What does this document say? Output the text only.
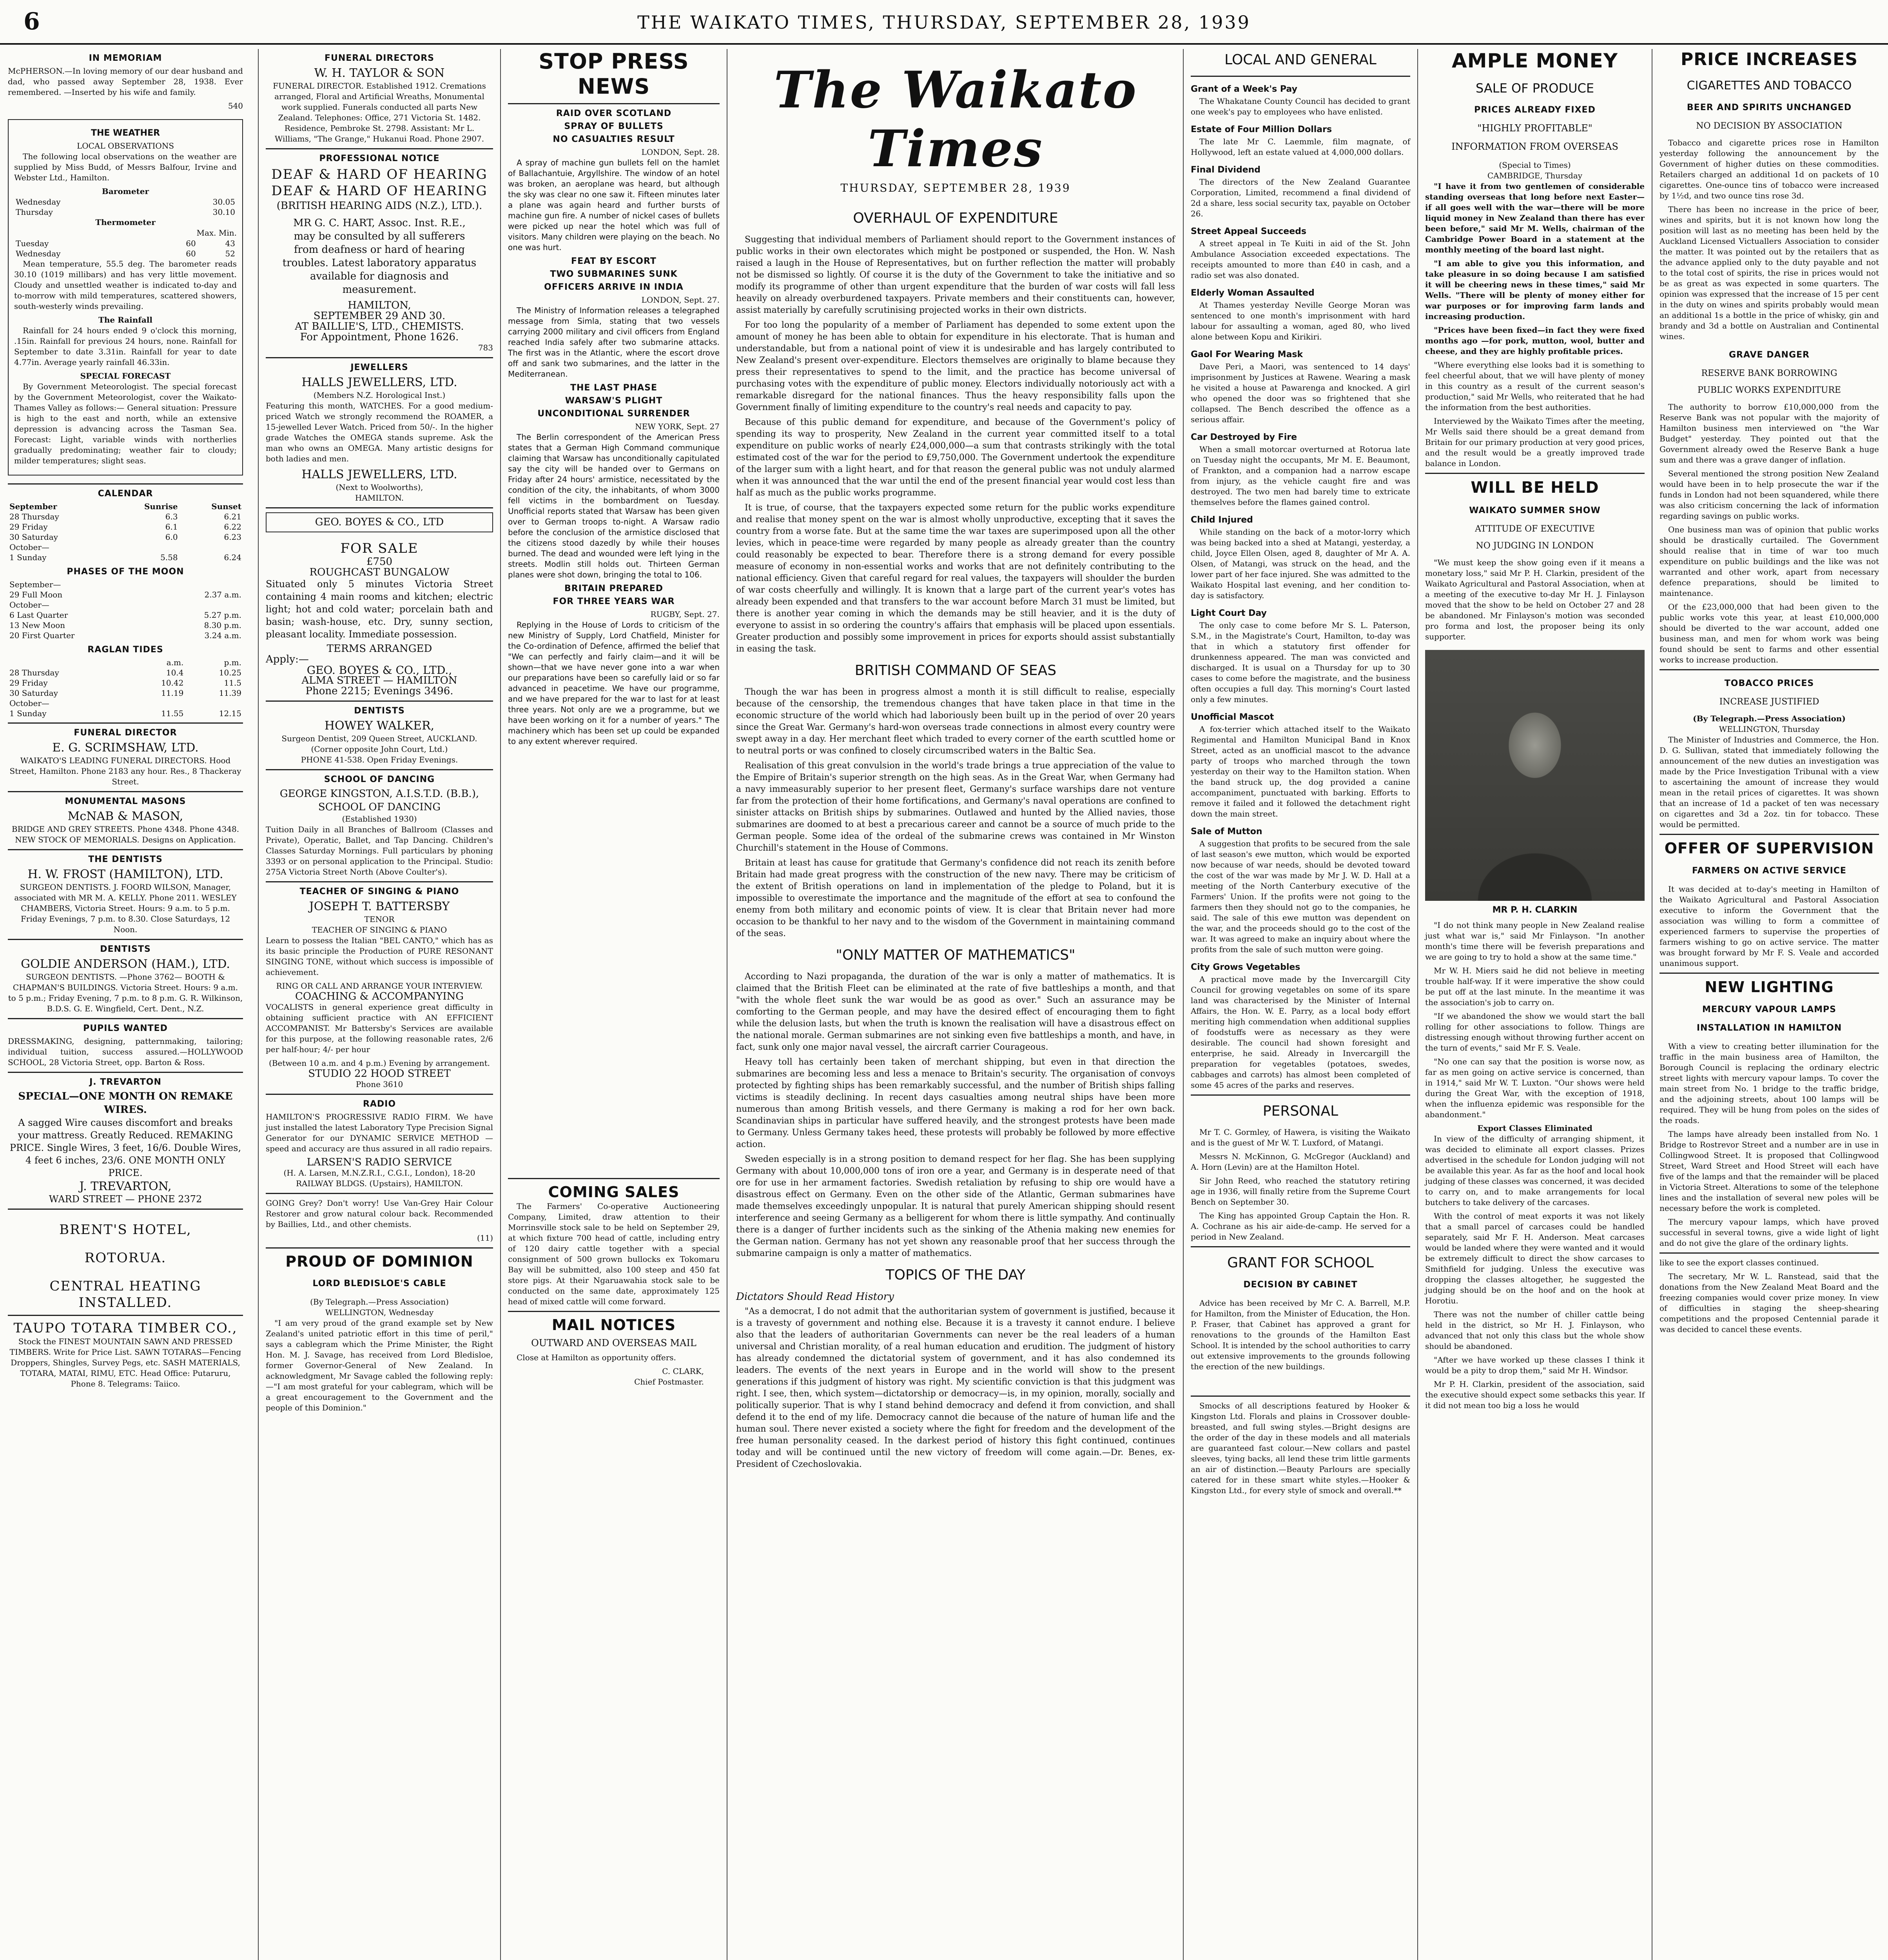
6	THE WAIKATO TIMES, THURSDAY, SEPTEMBER 28, 1939
IN MEMORIAM
McPHERSON.—In loving memory of our dear husband and dad, who passed away September 28, 1938. Ever remembered. —Inserted by his wife and family.
540
THE WEATHER
LOCAL OBSERVATIONS
The following local observations on the weather are supplied by Miss Budd, of Messrs Balfour, Irvine and Webster Ltd., Hamilton.
Barometer
Wednesday	30.05
Thursday	30.10
Thermometer
Max. Min.
Tuesday	60	43
Wednesday	60	52
Mean temperature, 55.5 deg. The barometer reads 30.10 (1019 millibars) and has very little movement. Cloudy and unsettled weather is indicated to-day and to-morrow with mild temperatures, scattered showers, south-westerly winds prevailing.
The Rainfall
Rainfall for 24 hours ended 9 o'clock this morning, .15in. Rainfall for previous 24 hours, none. Rainfall for September to date 3.31in. Rainfall for year to date 4.77in. Average yearly rainfall 46.33in.
SPECIAL FORECAST
By Government Meteorologist. The special forecast by the Government Meteorologist, cover the Waikato-Thames Valley as follows:— General situation: Pressure is high to the east and north, while an extensive depression is advancing across the Tasman Sea. Forecast: Light, variable winds with northerlies gradually predominating; weather fair to cloudy; milder temperatures; slight seas.
CALENDAR
September	Sunrise	Sunset
28 Thursday	6.3	6.21
29 Friday	6.1	6.22
30 Saturday	6.0	6.23
October—		
1 Sunday	5.58	6.24
PHASES OF THE MOON
September—	
29 Full Moon	2.37 a.m.
October—	
6 Last Quarter	5.27 p.m.
13 New Moon	8.30 p.m.
20 First Quarter	3.24 a.m.
RAGLAN TIDES
	a.m.	p.m.
28 Thursday	10.4	10.25
29 Friday	10.42	11.5
30 Saturday	11.19	11.39
October—		
1 Sunday	11.55	12.15
FUNERAL DIRECTOR
E. G. SCRIMSHAW, LTD.
WAIKATO'S LEADING FUNERAL DIRECTORS. Hood Street, Hamilton. Phone 2183 any hour. Res., 8 Thackeray Street.
MONUMENTAL MASONS
McNAB & MASON,
BRIDGE AND GREY STREETS. Phone 4348. Phone 4348. NEW STOCK OF MEMORIALS. Designs on Application.
THE DENTISTS
H. W. FROST (HAMILTON), LTD.
SURGEON DENTISTS. J. FOORD WILSON, Manager, associated with MR M. A. KELLY. Phone 2011. WESLEY CHAMBERS, Victoria Street. Hours: 9 a.m. to 5 p.m. Friday Evenings, 7 p.m. to 8.30. Close Saturdays, 12 Noon.
DENTISTS
GOLDIE ANDERSON (HAM.), LTD.
SURGEON DENTISTS. —Phone 3762— BOOTH & CHAPMAN'S BUILDINGS. Victoria Street. Hours: 9 a.m. to 5 p.m.; Friday Evening, 7 p.m. to 8 p.m. G. R. Wilkinson, B.D.S. G. E. Wingfield, Cert. Dent., N.Z.
PUPILS WANTED
DRESSMAKING, designing, patternmaking, tailoring; individual tuition, success assured.—HOLLYWOOD SCHOOL, 28 Victoria Street, opp. Barton & Ross.
J. TREVARTON
SPECIAL—ONE MONTH ON REMAKE WIRES.
A sagged Wire causes discomfort and breaks your mattress. Greatly Reduced. REMAKING PRICE. Single Wires, 3 feet, 16/6. Double Wires, 4 feet 6 inches, 23/6. ONE MONTH ONLY PRICE.
J. TREVARTON,
WARD STREET — PHONE 2372
BRENT'S HOTEL,
ROTORUA.
CENTRAL HEATING INSTALLED.
TAUPO TOTARA TIMBER CO.,
Stock the FINEST MOUNTAIN SAWN AND PRESSED TIMBERS. Write for Price List. SAWN TOTARAS—Fencing Droppers, Shingles, Survey Pegs, etc. SASH MATERIALS, TOTARA, MATAI, RIMU, ETC. Head Office: Putaruru, Phone 8. Telegrams: Taiico.
FUNERAL DIRECTORS
W. H. TAYLOR & SON
FUNERAL DIRECTOR. Established 1912. Cremations arranged, Floral and Artificial Wreaths, Monumental work supplied. Funerals conducted all parts New Zealand. Telephones: Office, 271 Victoria St. 1482. Residence, Pembroke St. 2798. Assistant: Mr L. Williams, "The Grange," Hukanui Road. Phone 2907.
PROFESSIONAL NOTICE
DEAF & HARD OF HEARING
DEAF & HARD OF HEARING
(BRITISH HEARING AIDS (N.Z.), LTD.).
MR G. C. HART, Assoc. Inst. R.E., may be consulted by all sufferers from deafness or hard of hearing troubles. Latest laboratory apparatus available for diagnosis and measurement.
HAMILTON,
SEPTEMBER 29 AND 30.
AT BAILLIE'S, LTD., CHEMISTS.
For Appointment, Phone 1626.
783
JEWELLERS
HALLS JEWELLERS, LTD.
(Members N.Z. Horological Inst.)
Featuring this month, WATCHES. For a good medium-priced Watch we strongly recommend the ROAMER, a 15-jewelled Lever Watch. Priced from 50/-. In the higher grade Watches the OMEGA stands supreme. Ask the man who owns an OMEGA. Many artistic designs for both ladies and men.
HALLS JEWELLERS, LTD.
(Next to Woolworths),
HAMILTON.
GEO. BOYES & CO., LTD
FOR SALE
£750
ROUGHCAST BUNGALOW
Situated only 5 minutes Victoria Street containing 4 main rooms and kitchen; electric light; hot and cold water; porcelain bath and basin; wash-house, etc. Dry, sunny section, pleasant locality. Immediate possession.
TERMS ARRANGED
Apply:—
GEO. BOYES & CO., LTD.,
ALMA STREET — HAMILTON
Phone 2215; Evenings 3496.
DENTISTS
HOWEY WALKER,
Surgeon Dentist, 209 Queen Street, AUCKLAND. (Corner opposite John Court, Ltd.)
PHONE 41-538. Open Friday Evenings.
SCHOOL OF DANCING
GEORGE KINGSTON, A.I.S.T.D. (B.B.), SCHOOL OF DANCING
(Established 1930)
Tuition Daily in all Branches of Ballroom (Classes and Private), Operatic, Ballet, and Tap Dancing. Children's Classes Saturday Mornings. Full particulars by phoning 3393 or on personal application to the Principal. Studio: 275A Victoria Street North (Above Coulter's).
TEACHER OF SINGING & PIANO
JOSEPH T. BATTERSBY
TENOR
TEACHER OF SINGING & PIANO
Learn to possess the Italian "BEL CANTO," which has as its basic principle the Production of PURE RESONANT SINGING TONE, without which success is impossible of achievement.
RING OR CALL AND ARRANGE YOUR INTERVIEW.
COACHING & ACCOMPANYING
VOCALISTS in general experience great difficulty in obtaining sufficient practice with AN EFFICIENT ACCOMPANIST. Mr Battersby's Services are available for this purpose, at the following reasonable rates, 2/6 per half-hour; 4/- per hour
(Between 10 a.m. and 4 p.m.) Evening by arrangement.
STUDIO 22 HOOD STREET
Phone 3610
RADIO
HAMILTON'S PROGRESSIVE RADIO FIRM. We have just installed the latest Laboratory Type Precision Signal Generator for our DYNAMIC SERVICE METHOD —speed and accuracy are thus assured in all radio repairs.
LARSEN'S RADIO SERVICE
(H. A. Larsen, M.N.Z.R.I., C.G.I., London), 18-20 RAILWAY BLDGS. (Upstairs), HAMILTON.
GOING Grey? Don't worry! Use Van-Grey Hair Colour Restorer and grow natural colour back. Recommended by Baillies, Ltd., and other chemists.
(11)
PROUD OF DOMINION
LORD BLEDISLOE'S CABLE
(By Telegraph.—Press Association)
WELLINGTON, Wednesday
"I am very proud of the grand example set by New Zealand's united patriotic effort in this time of peril," says a cablegram which the Prime Minister, the Right Hon. M. J. Savage, has received from Lord Bledisloe, former Governor-General of New Zealand. In acknowledgment, Mr Savage cabled the following reply:—"I am most grateful for your cablegram, which will be a great encouragement to the Government and the people of this Dominion."
STOP PRESS NEWS
RAID OVER SCOTLAND
SPRAY OF BULLETS
NO CASUALTIES RESULT
LONDON, Sept. 28.
A spray of machine gun bullets fell on the hamlet of Ballachantuie, Argyllshire. The window of an hotel was broken, an aeroplane was heard, but although the sky was clear no one saw it. Fifteen minutes later a plane was again heard and further bursts of machine gun fire. A number of nickel cases of bullets were picked up near the hotel which was full of visitors. Many children were playing on the beach. No one was hurt.
FEAT BY ESCORT
TWO SUBMARINES SUNK
OFFICERS ARRIVE IN INDIA
LONDON, Sept. 27.
The Ministry of Information releases a telegraphed message from Simla, stating that two vessels carrying 2000 military and civil officers from England reached India safely after two submarine attacks. The first was in the Atlantic, where the escort drove off and sank two submarines, and the latter in the Mediterranean.
THE LAST PHASE
WARSAW'S PLIGHT
UNCONDITIONAL SURRENDER
NEW YORK, Sept. 27
The Berlin correspondent of the American Press states that a German High Command communique claiming that Warsaw has unconditionally capitulated say the city will be handed over to Germans on Friday after 24 hours' armistice, necessitated by the condition of the city, the inhabitants, of whom 3000 fell victims in the bombardment on Tuesday. Unofficial reports stated that Warsaw has been given over to German troops to-night. A Warsaw radio before the conclusion of the armistice disclosed that the citizens stood dazedly by while their houses burned. The dead and wounded were left lying in the streets. Modlin still holds out. Thirteen German planes were shot down, bringing the total to 106.
BRITAIN PREPARED
FOR THREE YEARS WAR
RUGBY, Sept. 27.
Replying in the House of Lords to criticism of the new Ministry of Supply, Lord Chatfield, Minister for the Co-ordination of Defence, affirmed the belief that "We can perfectly and fairly claim—and it will be shown—that we have never gone into a war when our preparations have been so carefully laid or so far advanced in peacetime. We have our programme, and we have prepared for the war to last for at least three years. Not only are we a programme, but we have been working on it for a number of years." The machinery which has been set up could be expanded to any extent wherever required.
COMING SALES
The Farmers' Co-operative Auctioneering Company, Limited, draw attention to their Morrinsville stock sale to be held on September 29, at which fixture 700 head of cattle, including entry of 120 dairy cattle together with a special consignment of 500 grown bullocks ex Tokomaru Bay will be submitted, also 100 steep and 450 fat store pigs. At their Ngaruawahia stock sale to be conducted on the same date, approximately 125 head of mixed cattle will come forward.
MAIL NOTICES
OUTWARD AND OVERSEAS MAIL
Close at Hamilton as opportunity offers.
C. CLARK,
Chief Postmaster.
The Waikato Times
THURSDAY, SEPTEMBER 28, 1939
OVERHAUL OF EXPENDITURE
Suggesting that individual members of Parliament should report to the Government instances of public works in their own electorates which might be postponed or suspended, the Hon. W. Nash raised a laugh in the House of Representatives, but on further reflection the matter will probably not be dismissed so lightly. Of course it is the duty of the Government to take the initiative and so modify its programme of other than urgent expenditure that the burden of war costs will fall less heavily on already overburdened taxpayers. Private members and their constituents can, however, assist materially by carefully scrutinising projected works in their own districts.
For too long the popularity of a member of Parliament has depended to some extent upon the amount of money he has been able to obtain for expenditure in his electorate. That is human and understandable, but from a national point of view it is undesirable and has largely contributed to New Zealand's present over-expenditure. Electors themselves are originally to blame because they press their representatives to spend to the limit, and the practice has become universal of purchasing votes with the expenditure of public money. Electors individually notoriously act with a remarkable disregard for the national finances. Thus the heavy responsibility falls upon the Government finally of limiting expenditure to the country's real needs and capacity to pay.
Because of this public demand for expenditure, and because of the Government's policy of spending its way to prosperity, New Zealand in the current year committed itself to a total expenditure on public works of nearly £24,000,000—a sum that contrasts strikingly with the total estimated cost of the war for the period to £9,750,000. The Government undertook the expenditure of the larger sum with a light heart, and for that reason the general public was not unduly alarmed when it was announced that the war until the end of the present financial year would cost less than half as much as the public works programme.
It is true, of course, that the taxpayers expected some return for the public works expenditure and realise that money spent on the war is almost wholly unproductive, excepting that it saves the country from a worse fate. But at the same time the war taxes are superimposed upon all the other levies, which in peace-time were regarded by many people as already greater than the country could reasonably be expected to bear. Therefore there is a strong demand for every possible measure of economy in non-essential works and works that are not definitely contributing to the national efficiency. Given that careful regard for real values, the taxpayers will shoulder the burden of war costs cheerfully and willingly. It is known that a large part of the current year's votes has already been expended and that transfers to the war account before March 31 must be limited, but there is another year coming in which the demands may be still heavier, and it is the duty of everyone to assist in so ordering the country's affairs that emphasis will be placed upon essentials. Greater production and possibly some improvement in prices for exports should assist substantially in easing the task.
BRITISH COMMAND OF SEAS
Though the war has been in progress almost a month it is still difficult to realise, especially because of the censorship, the tremendous changes that have taken place in that time in the economic structure of the world which had laboriously been built up in the period of over 20 years since the Great War. Germany's hard-won overseas trade connections in almost every country were swept away in a day. Her merchant fleet which traded to every corner of the earth scuttled home or to neutral ports or was confined to closely circumscribed waters in the Baltic Sea.
Realisation of this great convulsion in the world's trade brings a true appreciation of the value to the Empire of Britain's superior strength on the high seas. As in the Great War, when Germany had a navy immeasurably superior to her present fleet, Germany's surface warships dare not venture far from the protection of their home fortifications, and Germany's naval operations are confined to sinister attacks on British ships by submarines. Outlawed and hunted by the Allied navies, those submarines are doomed to at best a precarious career and cannot be a source of much pride to the German people. Some idea of the ordeal of the submarine crews was contained in Mr Winston Churchill's statement in the House of Commons.
Britain at least has cause for gratitude that Germany's confidence did not reach its zenith before Britain had made great progress with the construction of the new navy. There may be criticism of the extent of British operations on land in implementation of the pledge to Poland, but it is impossible to overestimate the importance and the magnitude of the effort at sea to confound the enemy from both military and economic points of view. It is clear that Britain never had more occasion to be thankful to her navy and to the wisdom of the Government in maintaining command of the seas.
"ONLY MATTER OF MATHEMATICS"
According to Nazi propaganda, the duration of the war is only a matter of mathematics. It is claimed that the British Fleet can be eliminated at the rate of five battleships a month, and that "with the whole fleet sunk the war would be as good as over." Such an assurance may be comforting to the German people, and may have the desired effect of encouraging them to fight while the delusion lasts, but when the truth is known the realisation will have a disastrous effect on the national morale. German submarines are not sinking even five battleships a month, and have, in fact, sunk only one major naval vessel, the aircraft carrier Courageous.
Heavy toll has certainly been taken of merchant shipping, but even in that direction the submarines are becoming less and less a menace to Britain's security. The organisation of convoys protected by fighting ships has been remarkably successful, and the number of British ships falling victims is steadily declining. In recent days casualties among neutral ships have been more numerous than among British vessels, and there Germany is making a rod for her own back. Scandinavian ships in particular have suffered heavily, and the strongest protests have been made to Germany. Unless Germany takes heed, these protests will probably be followed by more effective action.
Sweden especially is in a strong position to demand respect for her flag. She has been supplying Germany with about 10,000,000 tons of iron ore a year, and Germany is in desperate need of that ore for use in her armament factories. Swedish retaliation by refusing to ship ore would have a disastrous effect on Germany. Even on the other side of the Atlantic, German submarines have made themselves exceedingly unpopular. It is natural that purely American shipping should resent interference and seeing Germany as a belligerent for whom there is little sympathy. And continually there is a danger of further incidents such as the sinking of the Athenia making new enemies for the German nation. Germany has not yet shown any reasonable proof that her success through the submarine campaign is only a matter of mathematics.
TOPICS OF THE DAY
Dictators Should Read History
"As a democrat, I do not admit that the authoritarian system of government is justified, because it is a travesty of government and nothing else. Because it is a travesty it cannot endure. I believe also that the leaders of authoritarian Governments can never be the real leaders of a human universal and Christian morality, of a real human education and erudition. The judgment of history has already condemned the dictatorial system of government, and it has also condemned its leaders. The events of the next years in Europe and in the world will show to the present generations if this judgment of history was right. My scientific conviction is that this judgment was right. I see, then, which system—dictatorship or democracy—is, in my opinion, morally, socially and politically superior. That is why I stand behind democracy and defend it from conviction, and shall defend it to the end of my life. Democracy cannot die because of the nature of human life and the human soul. There never existed a society where the fight for freedom and the development of the free human personality ceased. In the darkest period of history this fight continued, continues today and will be continued until the new victory of freedom will come again.—Dr. Benes, ex-President of Czechoslovakia.
LOCAL AND GENERAL
Grant of a Week's Pay
The Whakatane County Council has decided to grant one week's pay to employees who have enlisted.
Estate of Four Million Dollars
The late Mr C. Laemmle, film magnate, of Hollywood, left an estate valued at 4,000,000 dollars.
Final Dividend
The directors of the New Zealand Guarantee Corporation, Limited, recommend a final dividend of 2d a share, less social security tax, payable on October 26.
Street Appeal Succeeds
A street appeal in Te Kuiti in aid of the St. John Ambulance Association exceeded expectations. The receipts amounted to more than £40 in cash, and a radio set was also donated.
Elderly Woman Assaulted
At Thames yesterday Neville George Moran was sentenced to one month's imprisonment with hard labour for assaulting a woman, aged 80, who lived alone between Kopu and Kirikiri.
Gaol For Wearing Mask
Dave Peri, a Maori, was sentenced to 14 days' imprisonment by Justices at Rawene. Wearing a mask he visited a house at Pawarenga and knocked. A girl who opened the door was so frightened that she collapsed. The Bench described the offence as a serious affair.
Car Destroyed by Fire
When a small motorcar overturned at Rotorua late on Tuesday night the occupants, Mr M. E. Beaumont, of Frankton, and a companion had a narrow escape from injury, as the vehicle caught fire and was destroyed. The two men had barely time to extricate themselves before the flames gained control.
Child Injured
While standing on the back of a motor-lorry which was being backed into a shed at Matangi, yesterday, a child, Joyce Ellen Olsen, aged 8, daughter of Mr A. A. Olsen, of Matangi, was struck on the head, and the lower part of her face injured. She was admitted to the Waikato Hospital last evening, and her condition to-day is satisfactory.
Light Court Day
The only case to come before Mr S. L. Paterson, S.M., in the Magistrate's Court, Hamilton, to-day was that in which a statutory first offender for drunkenness appeared. The man was convicted and discharged. It is usual on a Thursday for up to 30 cases to come before the magistrate, and the business often occupies a full day. This morning's Court lasted only a few minutes.
Unofficial Mascot
A fox-terrier which attached itself to the Waikato Regimental and Hamilton Municipal Band in Knox Street, acted as an unofficial mascot to the advance party of troops who marched through the town yesterday on their way to the Hamilton station. When the band struck up, the dog provided a canine accompaniment, punctuated with barking. Efforts to remove it failed and it followed the detachment right down the main street.
Sale of Mutton
A suggestion that profits to be secured from the sale of last season's ewe mutton, which would be exported now because of war needs, should be devoted toward the cost of the war was made by Mr J. W. D. Hall at a meeting of the North Canterbury executive of the Farmers' Union. If the profits were not going to the farmers then they should not go to the companies, he said. The sale of this ewe mutton was dependent on the war, and the proceeds should go to the cost of the war. It was agreed to make an inquiry about where the profits from the sale of such mutton were going.
City Grows Vegetables
A practical move made by the Invercargill City Council for growing vegetables on some of its spare land was characterised by the Minister of Internal Affairs, the Hon. W. E. Parry, as a local body effort meriting high commendation when additional supplies of foodstuffs were as necessary as they were desirable. The council had shown foresight and enterprise, he said. Already in Invercargill the preparation for vegetables (potatoes, swedes, cabbages and carrots) has almost been completed of some 45 acres of the parks and reserves.
PERSONAL
Mr T. C. Gormley, of Hawera, is visiting the Waikato and is the guest of Mr W. T. Luxford, of Matangi.
Messrs N. McKinnon, G. McGregor (Auckland) and A. Horn (Levin) are at the Hamilton Hotel.
Sir John Reed, who reached the statutory retiring age in 1936, will finally retire from the Supreme Court Bench on September 30.
The King has appointed Group Captain the Hon. R. A. Cochrane as his air aide-de-camp. He served for a period in New Zealand.
GRANT FOR SCHOOL
DECISION BY CABINET
Advice has been received by Mr C. A. Barrell, M.P. for Hamilton, from the Minister of Education, the Hon. P. Fraser, that Cabinet has approved a grant for renovations to the grounds of the Hamilton East School. It is intended by the school authorities to carry out extensive improvements to the grounds following the erection of the new buildings.
Smocks of all descriptions featured by Hooker & Kingston Ltd. Florals and plains in Crossover double-breasted, and full swing styles.—Bright designs are the order of the day in these models and all materials are guaranteed fast colour.—New collars and pastel sleeves, tying backs, all lend these trim little garments an air of distinction.—Beauty Parlours are specially catered for in these smart white styles.—Hooker & Kingston Ltd., for every style of smock and overall.**
AMPLE MONEY
SALE OF PRODUCE
PRICES ALREADY FIXED
"HIGHLY PROFITABLE"
INFORMATION FROM OVERSEAS
(Special to Times)
CAMBRIDGE, Thursday
"I have it from two gentlemen of considerable standing overseas that long before next Easter—if all goes well with the war—there will be more liquid money in New Zealand than there has ever been before," said Mr M. Wells, chairman of the Cambridge Power Board in a statement at the monthly meeting of the board last night.
"I am able to give you this information, and take pleasure in so doing because I am satisfied it will be cheering news in these times," said Mr Wells. "There will be plenty of money either for war purposes or for improving farm lands and increasing production.
"Prices have been fixed—in fact they were fixed months ago —for pork, mutton, wool, butter and cheese, and they are highly profitable prices.
"Where everything else looks bad it is something to feel cheerful about, that we will have plenty of money in this country as a result of the current season's production," said Mr Wells, who reiterated that he had the information from the best authorities.
Interviewed by the Waikato Times after the meeting, Mr Wells said there should be a great demand from Britain for our primary production at very good prices, and the result would be a greatly improved trade balance in London.
WILL BE HELD
WAIKATO SUMMER SHOW
ATTITUDE OF EXECUTIVE
NO JUDGING IN LONDON
"We must keep the show going even if it means a monetary loss," said Mr P. H. Clarkin, president of the Waikato Agricultural and Pastoral Association, when at a meeting of the executive to-day Mr H. J. Finlayson moved that the show to be held on October 27 and 28 be abandoned. Mr Finlayson's motion was seconded pro forma and lost, the proposer being its only supporter.
MR P. H. CLARKIN
"I do not think many people in New Zealand realise just what war is," said Mr Finlayson. "In another month's time there will be feverish preparations and we are going to try to hold a show at the same time."
Mr W. H. Miers said he did not believe in meeting trouble half-way. If it were imperative the show could be put off at the last minute. In the meantime it was the association's job to carry on.
"If we abandoned the show we would start the ball rolling for other associations to follow. Things are distressing enough without throwing further accent on the turn of events," said Mr F. S. Veale.
"No one can say that the position is worse now, as far as men going on active service is concerned, than in 1914," said Mr W. T. Luxton. "Our shows were held during the Great War, with the exception of 1918, when the influenza epidemic was responsible for the abandonment."
Export Classes Eliminated
In view of the difficulty of arranging shipment, it was decided to eliminate all export classes. Prizes advertised in the schedule for London judging will not be available this year. As far as the hoof and local hook judging of these classes was concerned, it was decided to carry on, and to make arrangements for local butchers to take delivery of the carcases.
With the control of meat exports it was not likely that a small parcel of carcases could be handled separately, said Mr F. H. Anderson. Meat carcases would be landed where they were wanted and it would be extremely difficult to direct the show carcases to Smithfield for judging. Unless the executive was dropping the classes altogether, he suggested the judging should be on the hoof and on the hook at Horotiu.
There was not the number of chiller cattle being held in the district, so Mr H. J. Finlayson, who advanced that not only this class but the whole show should be abandoned.
"After we have worked up these classes I think it would be a pity to drop them," said Mr H. Windsor.
Mr P. H. Clarkin, president of the association, said the executive should expect some setbacks this year. If it did not mean too big a loss he would
PRICE INCREASES
CIGARETTES AND TOBACCO
BEER AND SPIRITS UNCHANGED
NO DECISION BY ASSOCIATION
Tobacco and cigarette prices rose in Hamilton yesterday following the announcement by the Government of higher duties on these commodities. Retailers charged an additional 1d on packets of 10 cigarettes. One-ounce tins of tobacco were increased by 1½d, and two ounce tins rose 3d.
There has been no increase in the price of beer, wines and spirits, but it is not known how long the position will last as no meeting has been held by the Auckland Licensed Victuallers Association to consider the matter. It was pointed out by the retailers that as the advance applied only to the duty payable and not to the total cost of spirits, the rise in prices would not be as great as was expected in some quarters. The opinion was expressed that the increase of 15 per cent in the duty on wines and spirits probably would mean an additional 1s a bottle in the price of whisky, gin and brandy and 3d a bottle on Australian and Continental wines.
GRAVE DANGER
RESERVE BANK BORROWING
PUBLIC WORKS EXPENDITURE
The authority to borrow £10,000,000 from the Reserve Bank was not popular with the majority of Hamilton business men interviewed on "the War Budget" yesterday. They pointed out that the Government already owed the Reserve Bank a huge sum and there was a grave danger of inflation.
Several mentioned the strong position New Zealand would have been in to help prosecute the war if the funds in London had not been squandered, while there was also criticism concerning the lack of information regarding savings on public works.
One business man was of opinion that public works should be drastically curtailed. The Government should realise that in time of war too much expenditure on public buildings and the like was not warranted and other work, apart from necessary defence preparations, should be limited to maintenance.
Of the £23,000,000 that had been given to the public works vote this year, at least £10,000,000 should be diverted to the war account, added one business man, and men for whom work was being found should be sent to farms and other essential works to increase production.
TOBACCO PRICES
INCREASE JUSTIFIED
(By Telegraph.—Press Association)
WELLINGTON, Thursday
The Minister of Industries and Commerce, the Hon. D. G. Sullivan, stated that immediately following the announcement of the new duties an investigation was made by the Price Investigation Tribunal with a view to ascertaining the amount of increase they would mean in the retail prices of cigarettes. It was shown that an increase of 1d a packet of ten was necessary on cigarettes and 3d a 2oz. tin for tobacco. These would be permitted.
OFFER OF SUPERVISION
FARMERS ON ACTIVE SERVICE
It was decided at to-day's meeting in Hamilton of the Waikato Agricultural and Pastoral Association executive to inform the Government that the association was willing to form a committee of experienced farmers to supervise the properties of farmers wishing to go on active service. The matter was brought forward by Mr F. S. Veale and accorded unanimous support.
NEW LIGHTING
MERCURY VAPOUR LAMPS
INSTALLATION IN HAMILTON
With a view to creating better illumination for the traffic in the main business area of Hamilton, the Borough Council is replacing the ordinary electric street lights with mercury vapour lamps. To cover the main street from No. 1 bridge to the traffic bridge, and the adjoining streets, about 100 lamps will be required. They will be hung from poles on the sides of the roads.
The lamps have already been installed from No. 1 Bridge to Rostrevor Street and a number are in use in Collingwood Street. It is proposed that Collingwood Street, Ward Street and Hood Street will each have five of the lamps and that the remainder will be placed in Victoria Street. Alterations to some of the telephone lines and the installation of several new poles will be necessary before the work is completed.
The mercury vapour lamps, which have proved successful in several towns, give a wide light of light and do not give the glare of the ordinary lights.
like to see the export classes continued.
The secretary, Mr W. L. Ranstead, said that the donations from the New Zealand Meat Board and the freezing companies would cover prize money. In view of difficulties in staging the sheep-shearing competitions and the proposed Centennial parade it was decided to cancel these events.
